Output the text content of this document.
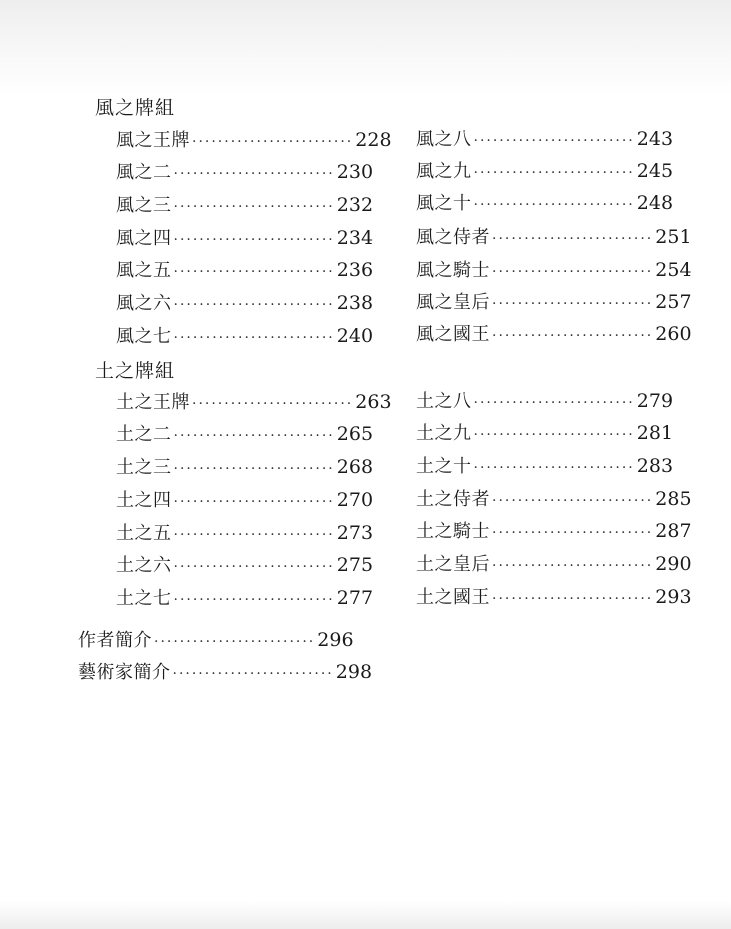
風之牌組
風之王牌 ························· 228
風之二 ························· 230
風之三 ························· 232
風之四 ························· 234
風之五 ························· 236
風之六 ························· 238
風之七 ························· 240
風之八 ························· 243
風之九 ························· 245
風之十 ························· 248
風之侍者 ························· 251
風之騎士 ························· 254
風之皇后 ························· 257
風之國王 ························· 260
土之牌組
土之王牌 ························· 263
土之二 ························· 265
土之三 ························· 268
土之四 ························· 270
土之五 ························· 273
土之六 ························· 275
土之七 ························· 277
土之八 ························· 279
土之九 ························· 281
土之十 ························· 283
土之侍者 ························· 285
土之騎士 ························· 287
土之皇后 ························· 290
土之國王 ························· 293
作者簡介 ························· 296
藝術家簡介 ························· 298
